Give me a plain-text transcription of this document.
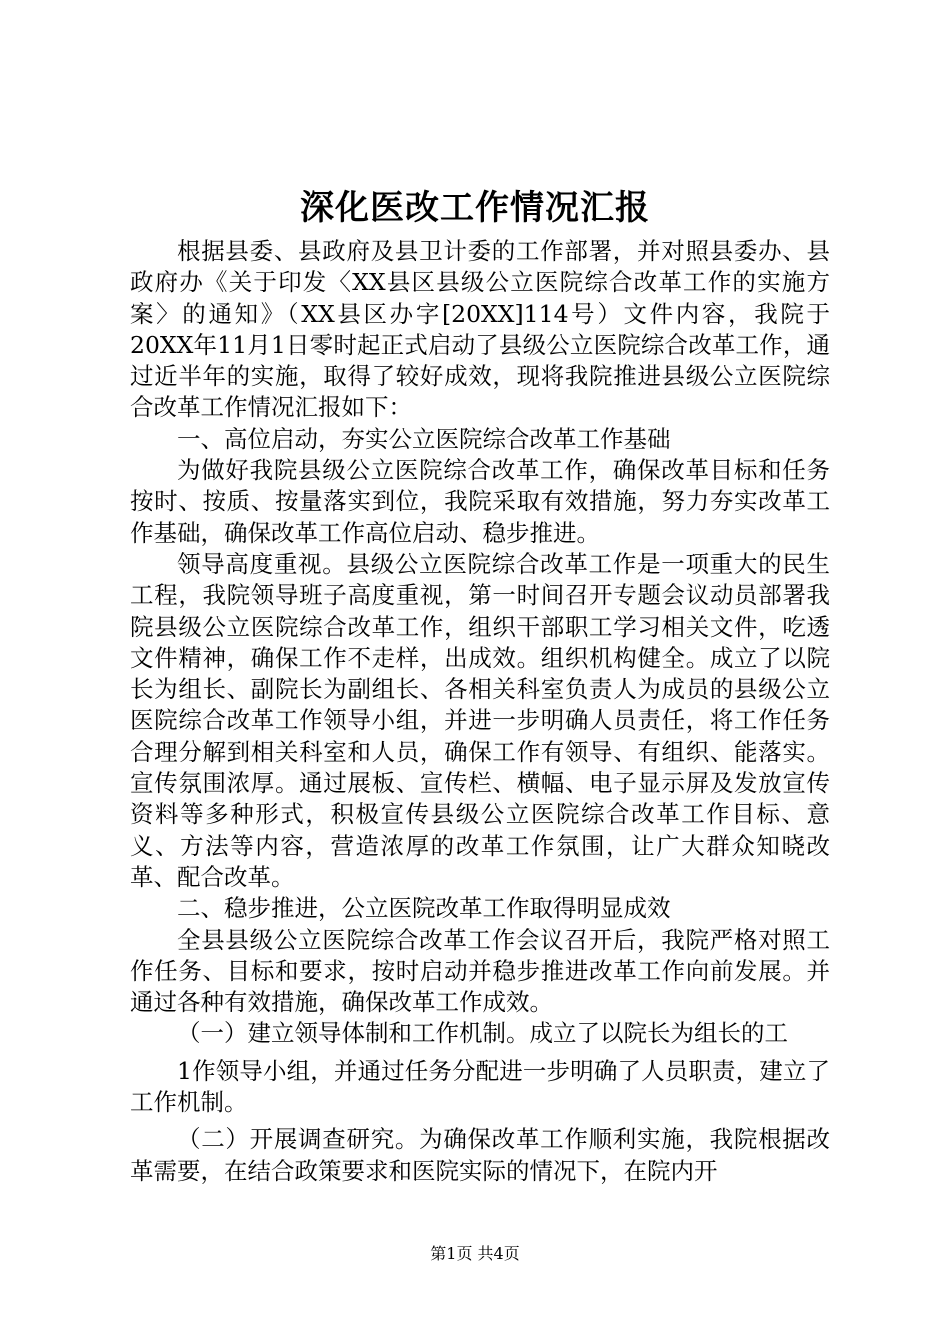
深化医改工作情况汇报

根据县委、县政府及县卫计委的工作部署，并对照县委办、县政府办《关于印发〈XX县区县级公立医院综合改革工作的实施方案〉的通知》（XX县区办字[20XX]114号）文件内容，我院于20XX年11月1日零时起正式启动了县级公立医院综合改革工作，通过近半年的实施，取得了较好成效，现将我院推进县级公立医院综合改革工作情况汇报如下：

一、高位启动，夯实公立医院综合改革工作基础

为做好我院县级公立医院综合改革工作，确保改革目标和任务按时、按质、按量落实到位，我院采取有效措施，努力夯实改革工作基础，确保改革工作高位启动、稳步推进。

领导高度重视。县级公立医院综合改革工作是一项重大的民生工程，我院领导班子高度重视，第一时间召开专题会议动员部署我院县级公立医院综合改革工作，组织干部职工学习相关文件，吃透文件精神，确保工作不走样，出成效。组织机构健全。成立了以院长为组长、副院长为副组长、各相关科室负责人为成员的县级公立医院综合改革工作领导小组，并进一步明确人员责任，将工作任务合理分解到相关科室和人员，确保工作有领导、有组织、能落实。宣传氛围浓厚。通过展板、宣传栏、横幅、电子显示屏及发放宣传资料等多种形式，积极宣传县级公立医院综合改革工作目标、意义、方法等内容，营造浓厚的改革工作氛围，让广大群众知晓改革、配合改革。

二、稳步推进，公立医院改革工作取得明显成效

全县县级公立医院综合改革工作会议召开后，我院严格对照工作任务、目标和要求，按时启动并稳步推进改革工作向前发展。并通过各种有效措施，确保改革工作成效。

（一）建立领导体制和工作机制。成立了以院长为组长的工

1作领导小组，并通过任务分配进一步明确了人员职责，建立了工作机制。

（二）开展调查研究。为确保改革工作顺利实施，我院根据改革需要，在结合政策要求和医院实际的情况下，在院内开

第1页 共4页
